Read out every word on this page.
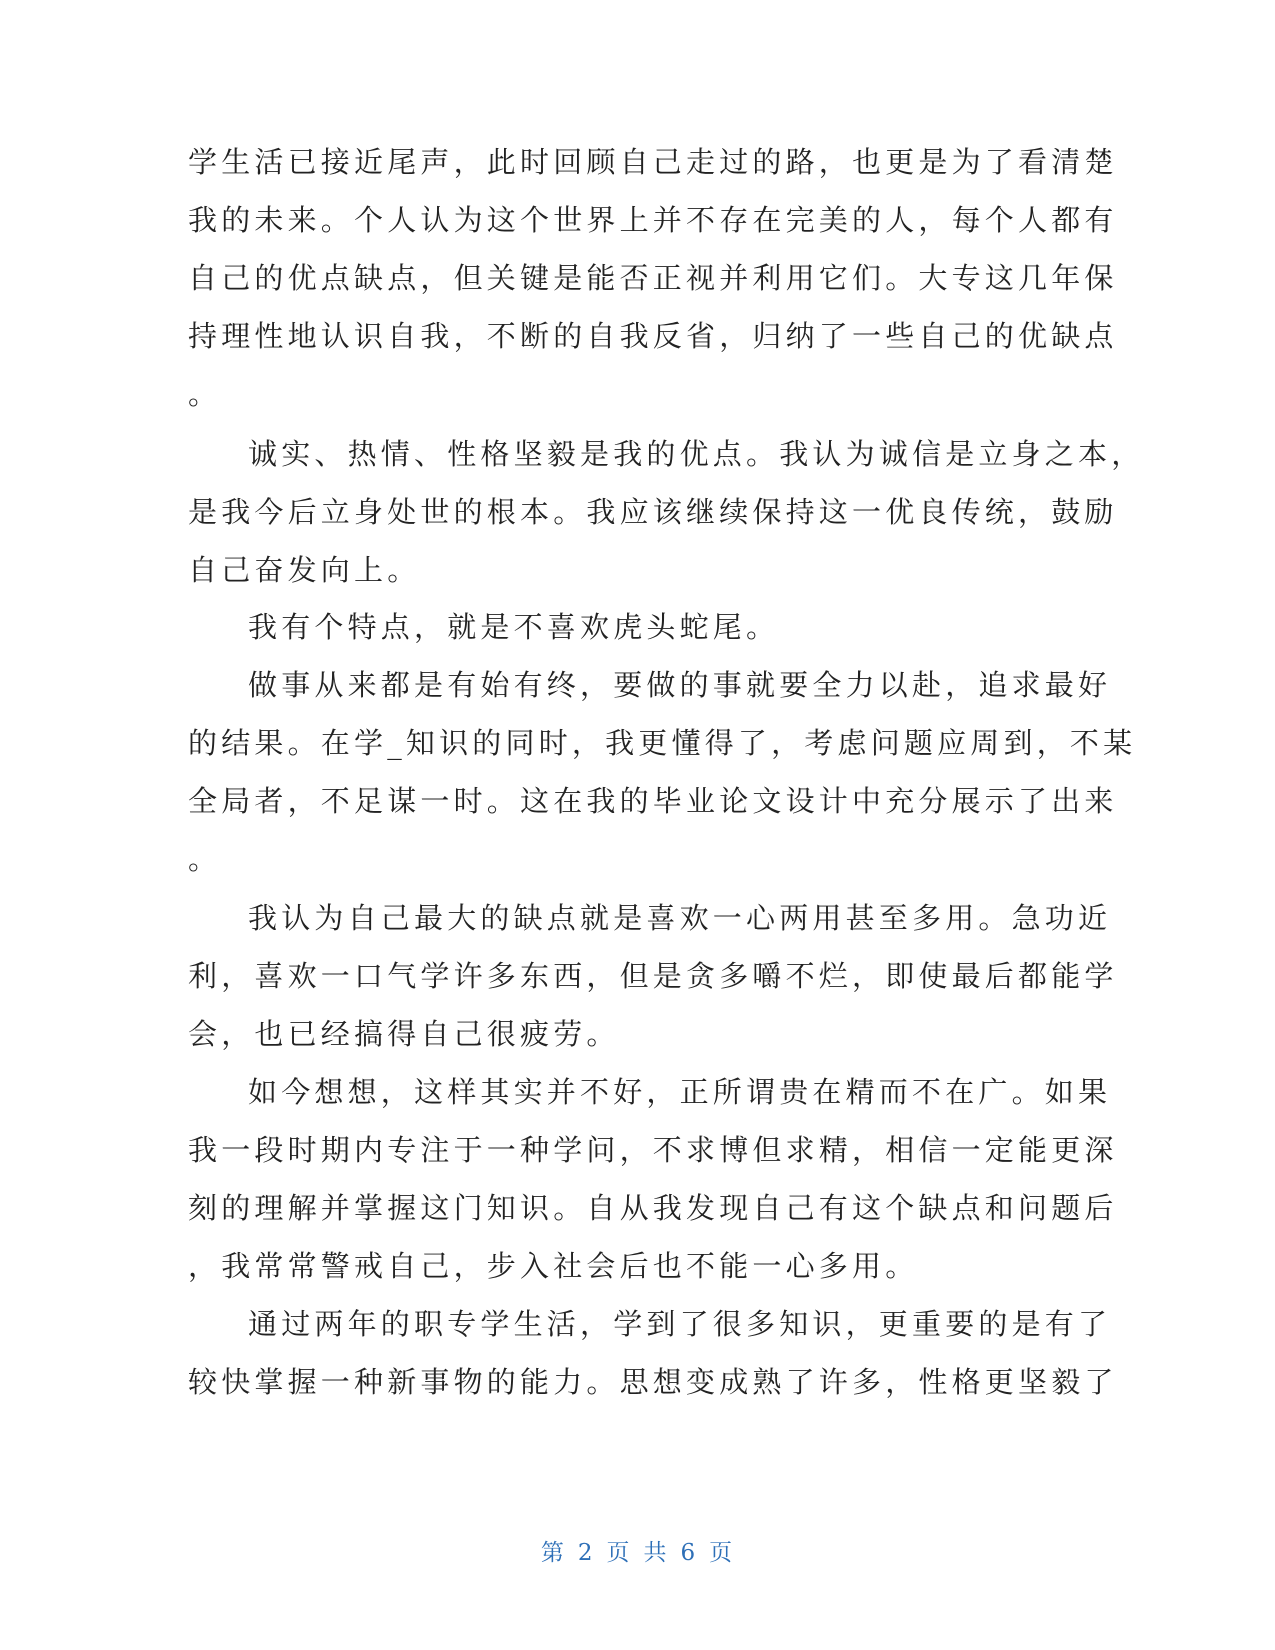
学生活已接近尾声，此时回顾自己走过的路，也更是为了看清楚
我的未来。个人认为这个世界上并不存在完美的人，每个人都有
自己的优点缺点，但关键是能否正视并利用它们。大专这几年保
持理性地认识自我，不断的自我反省，归纳了一些自己的优缺点
。
诚实、热情、性格坚毅是我的优点。我认为诚信是立身之本，
是我今后立身处世的根本。我应该继续保持这一优良传统，鼓励
自己奋发向上。
我有个特点，就是不喜欢虎头蛇尾。
做事从来都是有始有终，要做的事就要全力以赴，追求最好
的结果。在学_知识的同时，我更懂得了，考虑问题应周到，不某
全局者，不足谋一时。这在我的毕业论文设计中充分展示了出来
。
我认为自己最大的缺点就是喜欢一心两用甚至多用。急功近
利，喜欢一口气学许多东西，但是贪多嚼不烂，即使最后都能学
会，也已经搞得自己很疲劳。
如今想想，这样其实并不好，正所谓贵在精而不在广。如果
我一段时期内专注于一种学问，不求博但求精，相信一定能更深
刻的理解并掌握这门知识。自从我发现自己有这个缺点和问题后
，我常常警戒自己，步入社会后也不能一心多用。
通过两年的职专学生活，学到了很多知识，更重要的是有了
较快掌握一种新事物的能力。思想变成熟了许多，性格更坚毅了
第 2 页 共 6 页
